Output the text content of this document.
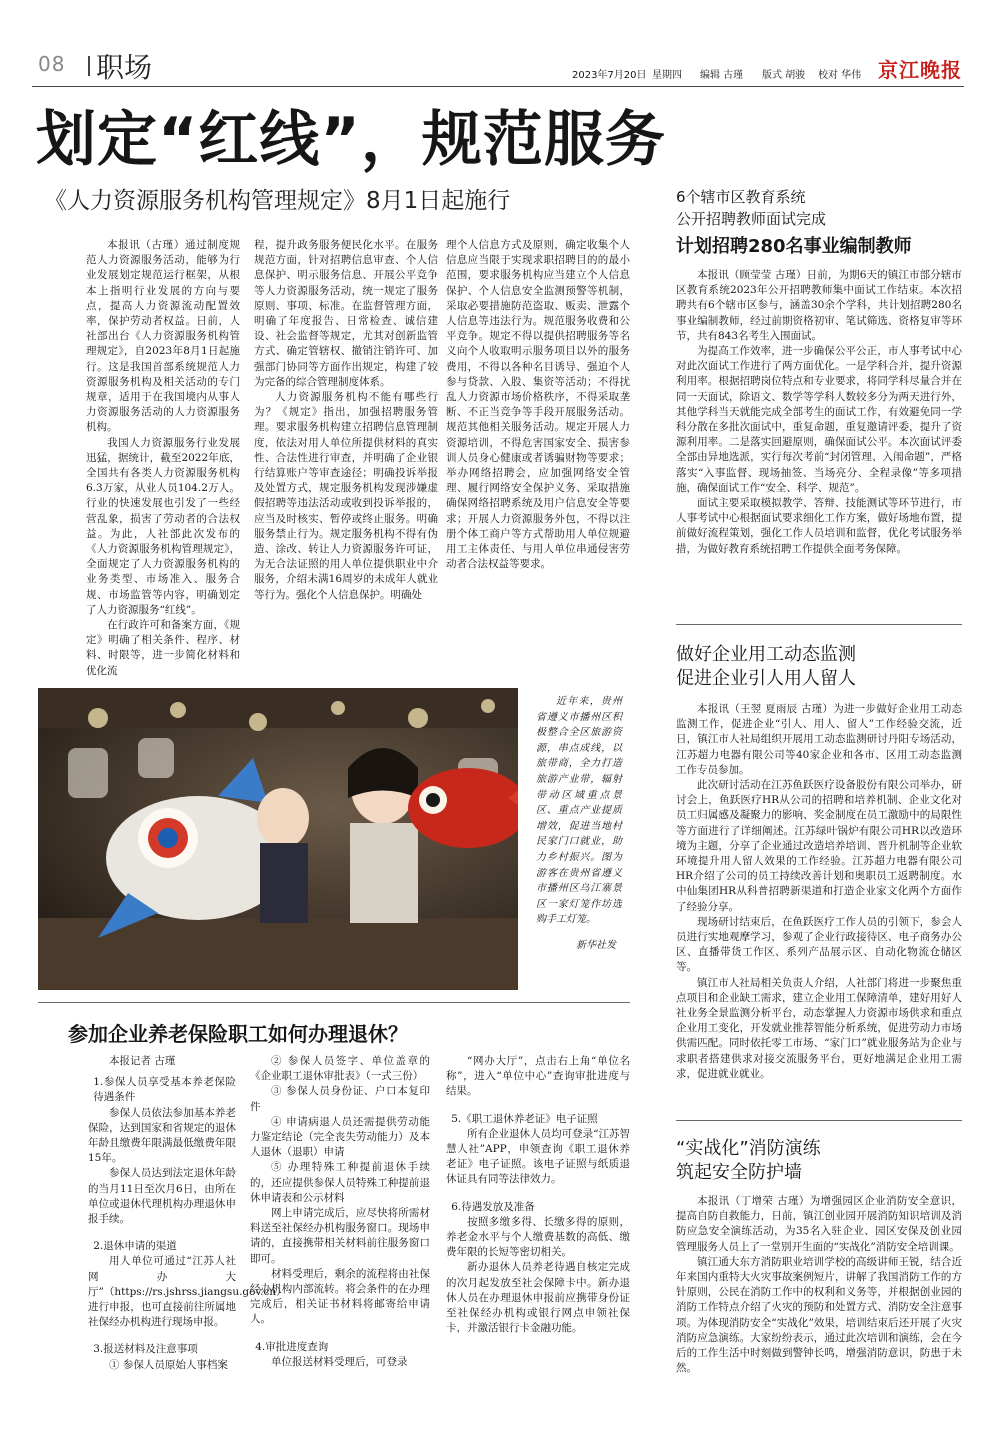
08 职场	2023年7月20日 星期四 编辑 古瑾 版式 胡骏 校对 华伟 京江晚报
划定“红线”，规范服务
《人力资源服务机构管理规定》8月1日起施行

本报讯（古瑾）通过制度规范人力资源服务活动，能够为行业发展划定规范运行框架，从根本上指明行业发展的方向与要点，提高人力资源流动配置效率，保护劳动者权益。日前，人社部出台《人力资源服务机构管理规定》，自2023年8月1日起施行。这是我国首部系统规范人力资源服务机构及相关活动的专门规章，适用于在我国境内从事人力资源服务活动的人力资源服务机构。

我国人力资源服务行业发展迅猛，据统计，截至2022年底，全国共有各类人力资源服务机构6.3万家，从业人员104.2万人。行业的快速发展也引发了一些经营乱象，损害了劳动者的合法权益。为此，人社部此次发布的《人力资源服务机构管理规定》，全面规定了人力资源服务机构的业务类型、市场准入、服务合规、市场监管等内容，明确划定了人力资源服务“红线”。

在行政许可和备案方面，《规定》明确了相关条件、程序、材料、时限等，进一步简化材料和优化流

程，提升政务服务便民化水平。在服务规范方面，针对招聘信息审查、个人信息保护、明示服务信息、开展公平竞争等人力资源服务活动，统一规定了服务原则、事项、标准。在监督管理方面，明确了年度报告、日常检查、诚信建设、社会监督等规定，尤其对创新监管方式、确定管辖权、撤销注销许可、加强部门协同等方面作出规定，构建了较为完备的综合管理制度体系。

人力资源服务机构不能有哪些行为？《规定》指出，加强招聘服务管理。要求服务机构建立招聘信息管理制度，依法对用人单位所提供材料的真实性、合法性进行审查，并明确了企业银行结算账户等审查途径；明确投诉举报及处置方式，规定服务机构发现涉嫌虚假招聘等违法活动或收到投诉举报的，应当及时核实、暂停或终止服务。明确服务禁止行为。规定服务机构不得有伪造、涂改、转让人力资源服务许可证，为无合法证照的用人单位提供职业中介服务，介绍未满16周岁的未成年人就业等行为。强化个人信息保护。明确处

理个人信息方式及原则，确定收集个人信息应当限于实现求职招聘目的的最小范围，要求服务机构应当建立个人信息保护、个人信息安全监测预警等机制，采取必要措施防范盗取、贩卖、泄露个人信息等违法行为。规范服务收费和公平竞争。规定不得以提供招聘服务等名义向个人收取明示服务项目以外的服务费用，不得以各种名目诱导、强迫个人参与贷款、入股、集资等活动；不得扰乱人力资源市场价格秩序，不得采取垄断、不正当竞争等手段开展服务活动。规范其他相关服务活动。规定开展人力资源培训，不得危害国家安全、损害参训人员身心健康或者诱骗财物等要求；举办网络招聘会，应加强网络安全管理、履行网络安全保护义务、采取措施确保网络招聘系统及用户信息安全等要求；开展人力资源服务外包，不得以注册个体工商户等方式帮助用人单位规避用工主体责任、与用人单位串通侵害劳动者合法权益等要求。

近年来，贵州省遵义市播州区积极整合全区旅游资源，串点成线，以旅带商，全力打造旅游产业带，辐射带动区域重点景区、重点产业提质增效，促进当地村民家门口就业，助力乡村振兴。图为游客在贵州省遵义市播州区乌江寨景区一家灯笼作坊选购手工灯笼。

新华社发
参加企业养老保险职工如何办理退休？

本报记者 古瑾

1.参保人员享受基本养老保险待遇条件

参保人员依法参加基本养老保险，达到国家和省规定的退休年龄且缴费年限满最低缴费年限15年。

参保人员达到法定退休年龄的当月11日至次月6日，由所在单位或退休代理机构办理退休申报手续。

2.退休申请的渠道

用人单位可通过“江苏人社网办大厅”（https://rs.jshrss.jiangsu.gov.cn）进行申报，也可直接前往所属地社保经办机构进行现场申报。

3.报送材料及注意事项

① 参保人员原始人事档案

② 参保人员签字、单位盖章的《企业职工退休审批表》（一式三份）

③ 参保人员身份证、户口本复印件

④ 申请病退人员还需提供劳动能力鉴定结论（完全丧失劳动能力）及本人退休（退职）申请

⑤ 办理特殊工种提前退休手续的，还应提供参保人员特殊工种提前退休申请表和公示材料

网上申请完成后，应尽快将所需材料送至社保经办机构服务窗口。现场申请的，直接携带相关材料前往服务窗口即可。

材料受理后，剩余的流程将由社保经办机构内部流转。将会条件的在办理完成后，相关证书材料将邮寄给申请人。

4.审批进度查询

单位报送材料受理后，可登录

“网办大厅”，点击右上角“单位名称”，进入“单位中心”查询审批进度与结果。

5.《职工退休养老证》电子证照

所有企业退休人员均可登录“江苏智慧人社”APP，申领查询《职工退休养老证》电子证照。该电子证照与纸质退休证具有同等法律效力。

6.待遇发放及准备

按照多缴多得、长缴多得的原则，养老金水平与个人缴费基数的高低、缴费年限的长短等密切相关。

新办退休人员养老待遇自核定完成的次月起发放至社会保障卡中。新办退休人员在办理退休申报前应携带身份证至社保经办机构或银行网点申领社保卡，并激活银行卡金融功能。

6个辖市区教育系统
公开招聘教师面试完成
计划招聘280名事业编制教师

本报讯（顾莹莹 古瑾）日前，为期6天的镇江市部分辖市区教育系统2023年公开招聘教师集中面试工作结束。本次招聘共有6个辖市区参与，涵盖30余个学科，共计划招聘280名事业编制教师，经过前期资格初审、笔试筛选、资格复审等环节，共有843名考生入围面试。

为提高工作效率，进一步确保公平公正，市人事考试中心对此次面试工作进行了两方面优化。一是学科合并，提升资源利用率。根据招聘岗位特点和专业要求，将同学科尽量合并在同一天面试，除语文、数学等学科人数较多分为两天进行外，其他学科当天就能完成全部考生的面试工作，有效避免同一学科分散在多批次面试中，重复命题，重复邀请评委，提升了资源利用率。二是落实回避原则，确保面试公平。本次面试评委全部由异地选派，实行每次考前“封闭管理、入闱命题”，严格落实“入事监督、现场抽签、当场亮分、全程录像”等多项措施，确保面试工作“安全、科学、规范”。

面试主要采取模拟教学、答辩、技能测试等环节进行，市人事考试中心根据面试要求细化工作方案，做好场地布置，提前做好流程策划，强化工作人员培训和监督，优化考试服务举措，为做好教育系统招聘工作提供全面考务保障。

做好企业用工动态监测
促进企业引人用人留人

本报讯（王翌 夏雨辰 古瑾）为进一步做好企业用工动态监测工作，促进企业“引人、用人、留人”工作经验交流，近日，镇江市人社局组织开展用工动态监测研讨丹阳专场活动，江苏超力电器有限公司等40家企业和各市、区用工动态监测工作专员参加。

此次研讨活动在江苏鱼跃医疗设备股份有限公司举办，研讨会上，鱼跃医疗HR从公司的招聘和培养机制、企业文化对员工归属感及凝聚力的影响、奖金制度在员工激励中的局限性等方面进行了详细阐述。江苏绿叶锅炉有限公司HR以改造环境为主题，分享了企业通过改造培养培训、晋升机制等企业软环境提升用人留人效果的工作经验。江苏超力电器有限公司HR介绍了公司的员工持续改善计划和奥职员工返聘制度。水中仙集团HR从科普招聘新渠道和打造企业家文化两个方面作了经验分享。

现场研讨结束后，在鱼跃医疗工作人员的引领下，参会人员进行实地观摩学习，参观了企业行政接待区、电子商务办公区、直播带货工作区、系列产品展示区、自动化物流仓储区等。

镇江市人社局相关负责人介绍，人社部门将进一步聚焦重点项目和企业缺工需求，建立企业用工保障清单，建好用好人社业务全景监测分析平台，动态掌握人力资源市场供求和重点企业用工变化，开发就业推荐智能分析系统，促进劳动力市场供需匹配。同时依托零工市场、“家门口”就业服务站为企业与求职者搭建供求对接交流服务平台，更好地满足企业用工需求，促进就业就业。

“实战化”消防演练
筑起安全防护墙

本报讯（丁增荣 古瑾）为增强园区企业消防安全意识，提高自防自救能力，日前，镇江创业园开展消防知识培训及消防应急安全演练活动，为35名入驻企业、园区安保及创业园管理服务人员上了一堂别开生面的“实战化”消防安全培训课。

镇江通大东方消防职业培训学校的高级讲师王锐，结合近年来国内重特大火灾事故案例短片，讲解了我国消防工作的方针原则，公民在消防工作中的权利和义务等，并根据创业园的消防工作特点介绍了火灾的预防和处置方式、消防安全注意事项。为体现消防安全“实战化”效果，培训结束后还开展了火灾消防应急演练。大家纷纷表示，通过此次培训和演练，会在今后的工作生活中时刻做到警钟长鸣，增强消防意识，防患于未然。
